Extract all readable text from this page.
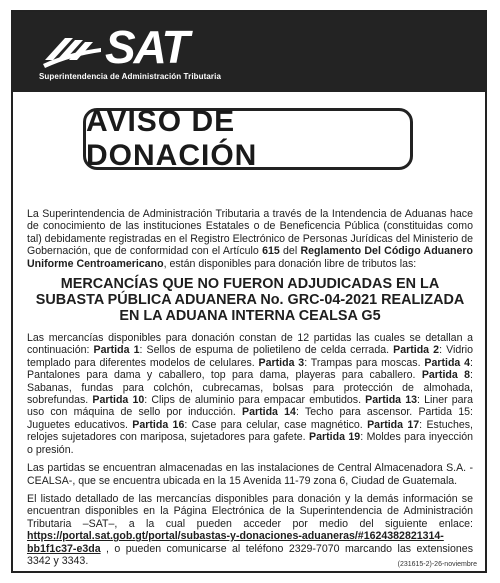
SAT
Superintendencia de Administración Tributaria
AVISO DE DONACIÓN

La Superintendencia de Administración Tributaria a través de la Intendencia de Aduanas hace de conocimiento de las instituciones Estatales o de Beneficencia Pública (constituidas como tal) debidamente registradas en el Registro Electrónico de Personas Jurídicas del Ministerio de Gobernación, que de conformidad con el Artículo 615 del Reglamento Del Código Aduanero Uniforme Centroamericano, están disponibles para donación libre de tributos las:

MERCANCÍAS QUE NO FUERON ADJUDICADAS EN LA SUBASTA PÚBLICA ADUANERA No. GRC-04-2021 REALIZADA EN LA ADUANA INTERNA CEALSA G5

Las mercancías disponibles para donación constan de 12 partidas las cuales se detallan a continuación: Partida 1: Sellos de espuma de polietileno de celda cerrada. Partida 2: Vidrio templado para diferentes modelos de celulares. Partida 3: Trampas para moscas. Partida 4: Pantalones para dama y caballero, top para dama, playeras para caballero. Partida 8: Sabanas, fundas para colchón, cubrecamas, bolsas para protección de almohada, sobrefundas. Partida 10: Clips de aluminio para empacar embutidos. Partida 13: Liner para uso con máquina de sello por inducción. Partida 14: Techo para ascensor. Partida 15: Juguetes educativos. Partida 16: Case para celular, case magnético. Partida 17: Estuches, relojes sujetadores con mariposa, sujetadores para gafete. Partida 19: Moldes para inyección o presión.

Las partidas se encuentran almacenadas en las instalaciones de Central Almacenadora S.A. -CEALSA-, que se encuentra ubicada en la 15 Avenida 11-79 zona 6, Ciudad de Guatemala.

El listado detallado de las mercancías disponibles para donación y la demás información se encuentran disponibles en la Página Electrónica de la Superintendencia de Administración Tributaria –SAT–, a la cual pueden acceder por medio del siguiente enlace: https://portal.sat.gob.gt/portal/subastas-y-donaciones-aduaneras/#1624382821314-bb1f1c37-e3da , o pueden comunicarse al teléfono 2329-7070 marcando las extensiones 3342 y 3343.	(231615-2)-26-noviembre
